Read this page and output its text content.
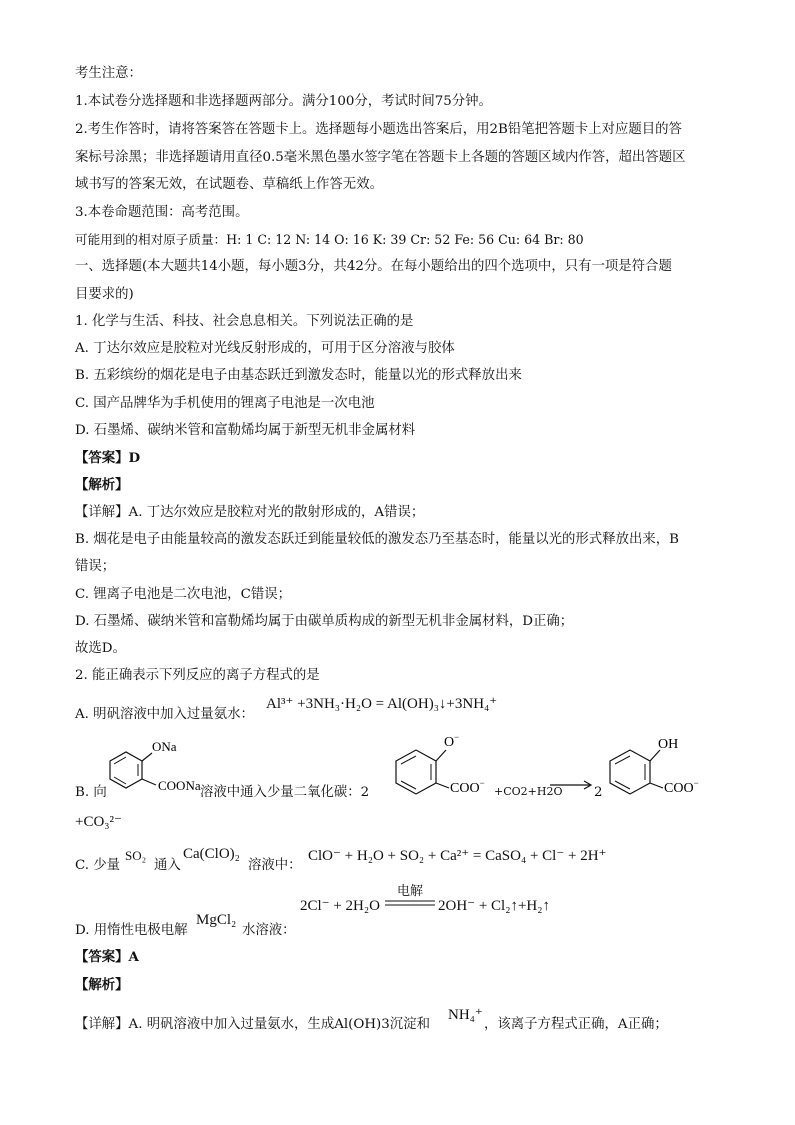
考生注意：
1.本试卷分选择题和非选择题两部分。满分100分，考试时间75分钟。
2.考生作答时，请将答案答在答题卡上。选择题每小题选出答案后，用2B铅笔把答题卡上对应题目的答
案标号涂黑；非选择题请用直径0.5毫米黑色墨水签字笔在答题卡上各题的答题区域内作答，超出答题区
域书写的答案无效，在试题卷、草稿纸上作答无效。
3.本卷命题范围：高考范围。
可能用到的相对原子质量：H: 1 C: 12 N: 14 O: 16 K: 39 Cr: 52 Fe: 56 Cu: 64 Br: 80
一、选择题(本大题共14小题，每小题3分，共42分。在每小题给出的四个选项中，只有一项是符合题
目要求的)
1. 化学与生活、科技、社会息息相关。下列说法正确的是
A. 丁达尔效应是胶粒对光线反射形成的，可用于区分溶液与胶体
B. 五彩缤纷的烟花是电子由基态跃迁到激发态时，能量以光的形式释放出来
C. 国产品牌华为手机使用的锂离子电池是一次电池
D. 石墨烯、碳纳米管和富勒烯均属于新型无机非金属材料
【答案】D
【解析】
【详解】A. 丁达尔效应是胶粒对光的散射形成的，A错误；
B. 烟花是电子由能量较高的激发态跃迁到能量较低的激发态乃至基态时，能量以光的形式释放出来，B
错误；
C. 锂离子电池是二次电池，C错误；
D. 石墨烯、碳纳米管和富勒烯均属于由碳单质构成的新型无机非金属材料，D正确；
故选D。
2. 能正确表示下列反应的离子方程式的是
A. 明矾溶液中加入过量氨水：
Al³⁺ +3NH₃·H₂O = Al(OH)₃↓+3NH₄⁺
B. 向
ONa
COONa 溶液中通入少量二氧化碳：2
O−
COO−
+CO2+H2O → 2
OH
COO−
+CO₃²⁻
C. 少量
SO₂
通入
Ca(ClO)₂
溶液中：
ClO⁻ + H₂O + SO₂ + Ca²⁺ = CaSO₄ + Cl⁻ + 2H⁺
2Cl⁻ + 2H₂O
电解
2OH⁻ + Cl₂↑+H₂↑
D. 用惰性电极电解
MgCl₂
水溶液：
【答案】A
【解析】
【详解】A. 明矾溶液中加入过量氨水，生成Al(OH)3沉淀和
NH₄⁺
，该离子方程式正确，A正确；
